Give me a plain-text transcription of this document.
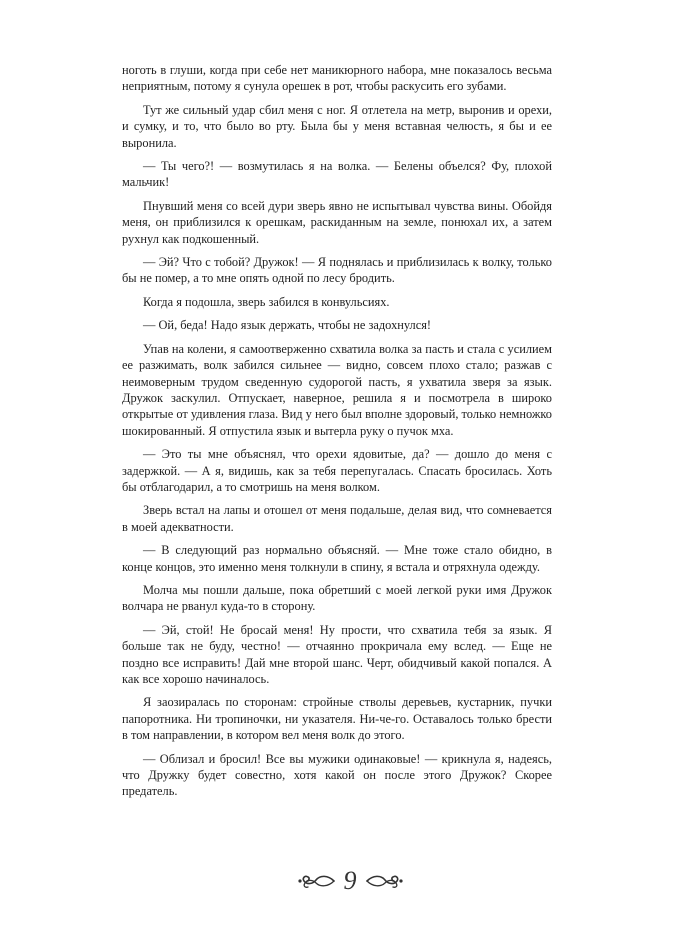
ноготь в глуши, когда при себе нет маникюрного набора, мне показалось весьма неприятным, потому я сунула орешек в рот, чтобы раскусить его зубами.

Тут же сильный удар сбил меня с ног. Я отлетела на метр, выронив и орехи, и сумку, и то, что было во рту. Была бы у меня вставная челюсть, я бы и ее выронила.

— Ты чего?! — возмутилась я на волка. — Белены объелся? Фу, плохой мальчик!

Пнувший меня со всей дури зверь явно не испытывал чувства вины. Обойдя меня, он приблизился к орешкам, раскиданным на земле, понюхал их, а затем рухнул как подкошенный.

— Эй? Что с тобой? Дружок! — Я поднялась и приблизилась к волку, только бы не помер, а то мне опять одной по лесу бродить.

Когда я подошла, зверь забился в конвульсиях.

— Ой, беда! Надо язык держать, чтобы не задохнулся!

Упав на колени, я самоотверженно схватила волка за пасть и стала с усилием ее разжимать, волк забился сильнее — видно, совсем плохо стало; разжав с неимоверным трудом сведенную судорогой пасть, я ухватила зверя за язык. Дружок заскулил. Отпускает, наверное, решила я и посмотрела в широко открытые от удивления глаза. Вид у него был вполне здоровый, только немножко шокированный. Я отпустила язык и вытерла руку о пучок мха.

— Это ты мне объяснял, что орехи ядовитые, да? — дошло до меня с задержкой. — А я, видишь, как за тебя перепугалась. Спасать бросилась. Хоть бы отблагодарил, а то смотришь на меня волком.

Зверь встал на лапы и отошел от меня подальше, делая вид, что сомневается в моей адекватности.

— В следующий раз нормально объясняй. — Мне тоже стало обидно, в конце концов, это именно меня толкнули в спину, я встала и отряхнула одежду.

Молча мы пошли дальше, пока обретший с моей легкой руки имя Дружок волчара не рванул куда-то в сторону.

— Эй, стой! Не бросай меня! Ну прости, что схватила тебя за язык. Я больше так не буду, честно! — отчаянно прокричала ему вслед. — Еще не поздно все исправить! Дай мне второй шанс. Черт, обидчивый какой попался. А как все хорошо начиналось.

Я заозиралась по сторонам: стройные стволы деревьев, кустарник, пучки папоротника. Ни тропиночки, ни указателя. Ни-че-го. Оставалось только брести в том направлении, в котором вел меня волк до этого.

— Облизал и бросил! Все вы мужики одинаковые! — крикнула я, надеясь, что Дружку будет совестно, хотя какой он после этого Дружок? Скорее предатель.

9
